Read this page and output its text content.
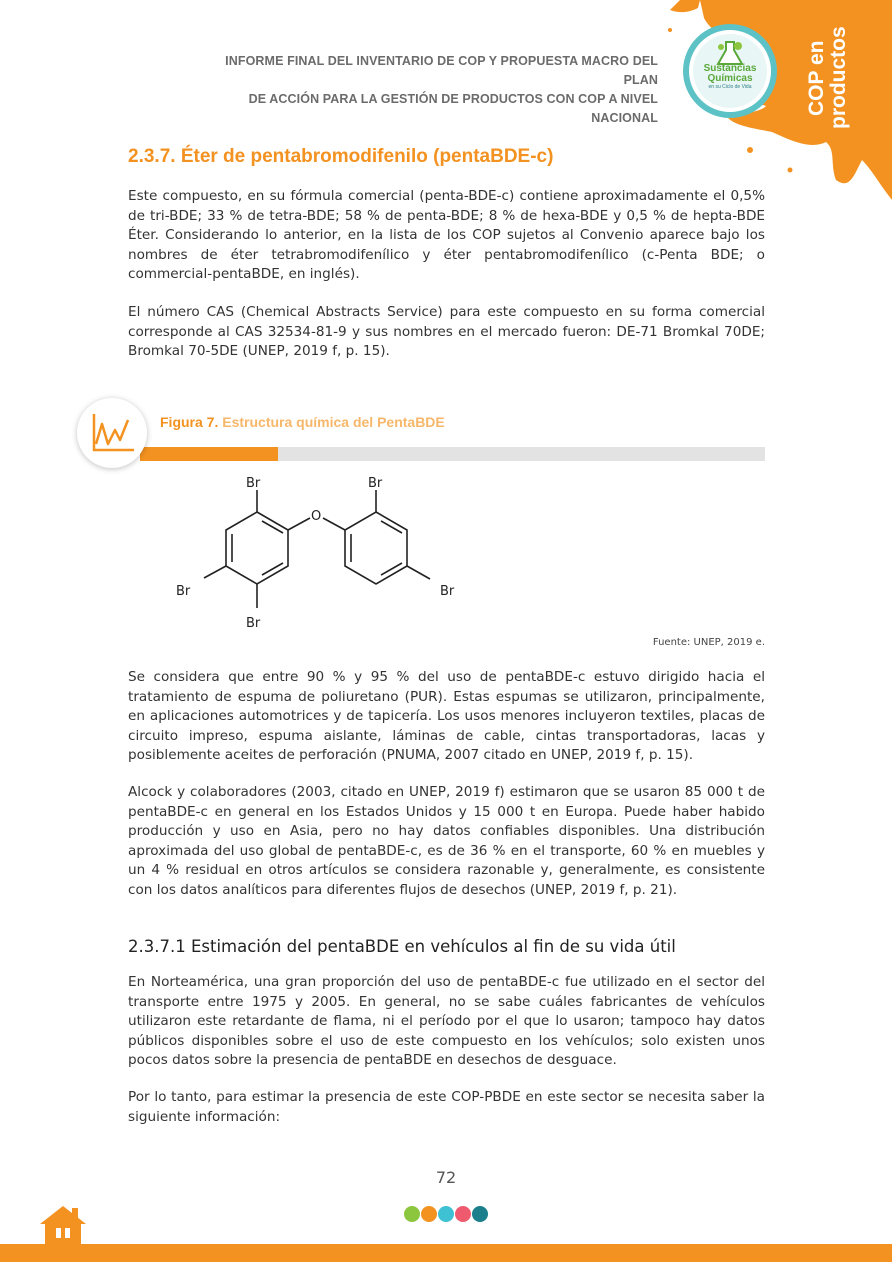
Sustancias Químicas
en su Ciclo de Vida	COP en
productos
INFORME FINAL DEL INVENTARIO DE COP Y PROPUESTA MACRO DEL PLAN
DE ACCIÓN PARA LA GESTIÓN DE PRODUCTOS CON COP A NIVEL NACIONAL
2.3.7. Éter de pentabromodifenilo (pentaBDE-c)

Este compuesto, en su fórmula comercial (penta-BDE-c) contiene aproximadamente el 0,5% de tri-BDE; 33 % de tetra-BDE; 58 % de penta-BDE; 8 % de hexa-BDE y 0,5 % de hepta-BDE Éter. Considerando lo anterior, en la lista de los COP sujetos al Convenio aparece bajo los nombres de éter tetrabromodifenílico y éter pentabromodifenílico (c-Penta BDE; o commercial-pentaBDE, en inglés).

El número CAS (Chemical Abstracts Service) para este compuesto en su forma comercial corresponde al CAS 32534-81-9 y sus nombres en el mercado fueron: DE-71 Bromkal 70DE; Bromkal 70-5DE (UNEP, 2019 f, p. 15).

Figura 7. Estructura química del PentaBDE
Br
O
Br
Br	Br
Br
Fuente: UNEP, 2019 e.

Se considera que entre 90 % y 95 % del uso de pentaBDE-c estuvo dirigido hacia el tratamiento de espuma de poliuretano (PUR). Estas espumas se utilizaron, principalmente, en aplicaciones automotrices y de tapicería. Los usos menores incluyeron textiles, placas de circuito impreso, espuma aislante, láminas de cable, cintas transportadoras, lacas y posiblemente aceites de perforación (PNUMA, 2007 citado en UNEP, 2019 f, p. 15).

Alcock y colaboradores (2003, citado en UNEP, 2019 f) estimaron que se usaron 85 000 t de pentaBDE-c en general en los Estados Unidos y 15 000 t en Europa. Puede haber habido producción y uso en Asia, pero no hay datos confiables disponibles. Una distribución aproximada del uso global de pentaBDE-c, es de 36 % en el transporte, 60 % en muebles y un 4 % residual en otros artículos se considera razonable y, generalmente, es consistente con los datos analíticos para diferentes flujos de desechos (UNEP, 2019 f, p. 21).

2.3.7.1 Estimación del pentaBDE en vehículos al fin de su vida útil

En Norteamérica, una gran proporción del uso de pentaBDE-c fue utilizado en el sector del transporte entre 1975 y 2005. En general, no se sabe cuáles fabricantes de vehículos utilizaron este retardante de flama, ni el período por el que lo usaron; tampoco hay datos públicos disponibles sobre el uso de este compuesto en los vehículos; solo existen unos pocos datos sobre la presencia de pentaBDE en desechos de desguace.

Por lo tanto, para estimar la presencia de este COP-PBDE en este sector se necesita saber la siguiente información:

72
